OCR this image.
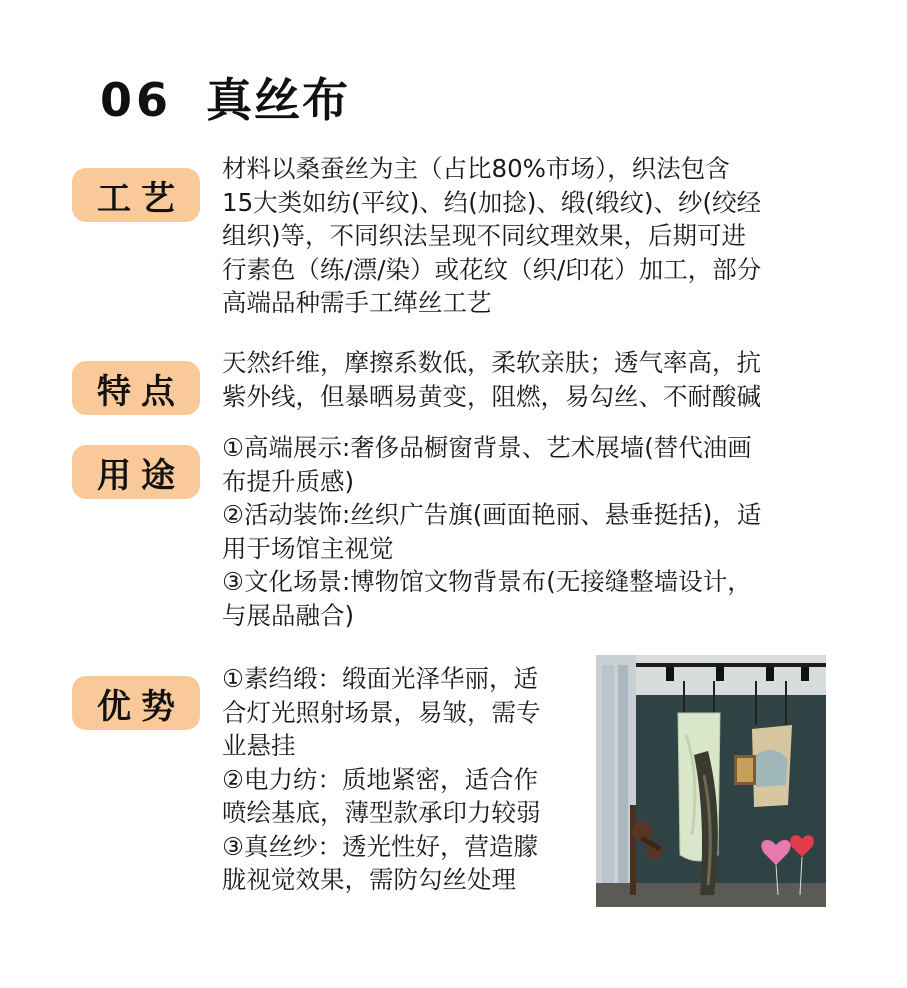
06 真丝布
工艺
材料以桑蚕丝为主（占比80%市场），织法包含
15大类如纺(平纹)、绉(加捻)、缎(缎纹)、纱(绞经
组织)等，不同织法呈现不同纹理效果，后期可进
行素色（练/漂/染）或花纹（织/印花）加工，部分
高端品种需手工缂丝工艺
特点
天然纤维，摩擦系数低，柔软亲肤；透气率高，抗
紫外线，但暴晒易黄变，阻燃，易勾丝、不耐酸碱
用途
①高端展示:奢侈品橱窗背景、艺术展墙(替代油画
布提升质感)
②活动装饰:丝织广告旗(画面艳丽、悬垂挺括)，适
用于场馆主视觉
③文化场景:博物馆文物背景布(无接缝整墙设计，
与展品融合)
优势
①素绉缎：缎面光泽华丽，适
合灯光照射场景，易皱，需专
业悬挂
②电力纺：质地紧密，适合作
喷绘基底，薄型款承印力较弱
③真丝纱：透光性好，营造朦
胧视觉效果，需防勾丝处理
